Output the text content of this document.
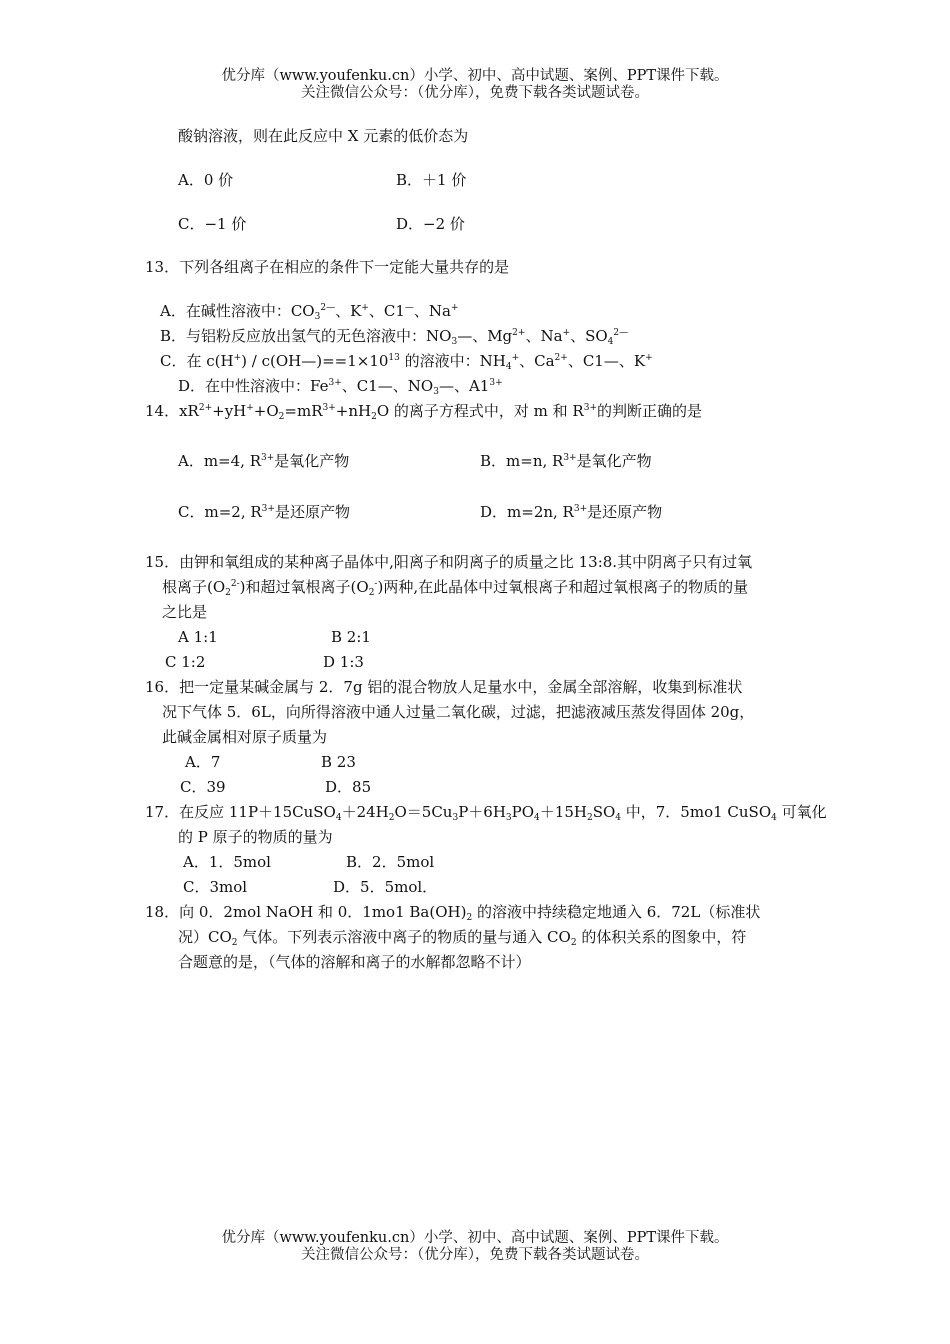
优分库（www.youfenku.cn）小学、初中、高中试题、案例、PPT课件下载。
关注微信公众号：（优分库），免费下载各类试题试卷。
酸钠溶液，则在此反应中 X 元素的低价态为
A．0 价	B．＋1 价
C．−1 价	D．−2 价
13．下列各组离子在相应的条件下一定能大量共存的是
A．在碱性溶液中：$CO_3^{2—}$、K+、C1—、Na+
B．与铝粉反应放出氢气的无色溶液中：$NO_3—$、$Mg^{2+}$、Na+、$SO_4^{2—}$
C．在 $c(H^+) / c(OH—)==1\times 10^{13}$ 的溶液中：$NH_4^+$、$Ca^{2+}$、C1—、K+
D．在中性溶液中：$Fe^{3+}$、C1—、$NO_3—$、$A1^{3+}$
14．$xR^{2+}+yH^++O_2=mR^{3+}+nH_2O$ 的离子方程式中，对 m 和 $R^{3+}$的判断正确的是
A．m=4, $R^{3+}$是氧化产物	B．m=n, $R^{3+}$是氧化产物
C．m=2, $R^{3+}$是还原产物	D．m=2n, $R^{3+}$是还原产物
15．由钾和氧组成的某种离子晶体中,阳离子和阴离子的质量之比 13:8.其中阴离子只有过氧
根离子$(O_2^{2-})$和超过氧根离子$(O_2^-)$两种,在此晶体中过氧根离子和超过氧根离子的物质的量
之比是
A 1:1	B 2:1
C 1:2	D 1:3
16．把一定量某碱金属与 2．7g 铝的混合物放人足量水中，金属全部溶解，收集到标准状
况下气体 5．6L，向所得溶液中通人过量二氧化碳，过滤，把滤液减压蒸发得固体 20g，
此碱金属相对原子质量为
A．7	B 23
C．39	D．85
17．在反应 $11P+15CuSO_4+24H_2O=5Cu_3P+6H_3PO_4+15H_2SO_4$ 中，7．5mo1 CuSO$_4$ 可氧化
的 P 原子的物质的量为
A．1．5mol	B．2．5mol
C．3mol	D．5．5mol．
18．向 0．2mol NaOH 和 0．1mo1 $Ba(OH)_2$ 的溶液中持续稳定地通入 6．72L（标准状
况）$CO_2$ 气体。下列表示溶液中离子的物质的量与通入 $CO_2$ 的体积关系的图象中，符
合题意的是，（气体的溶解和离子的水解都忽略不计）
优分库（www.youfenku.cn）小学、初中、高中试题、案例、PPT课件下载。
关注微信公众号：（优分库），免费下载各类试题试卷。
